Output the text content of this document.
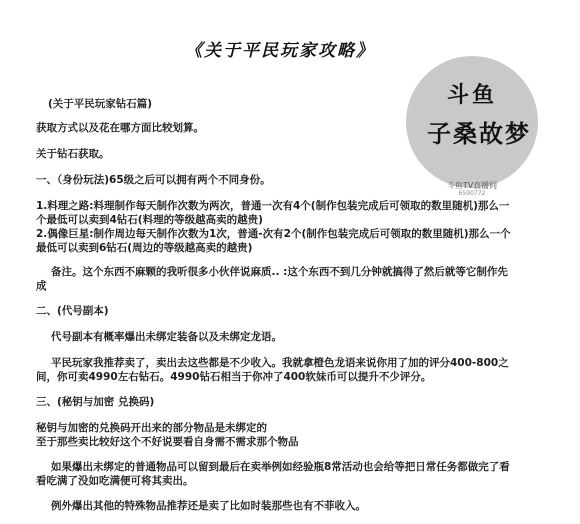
《关于平民玩家攻略》
斗鱼
子桑故梦
斗鱼TV直播间
6590772
(关于平民玩家钻石篇)
获取方式以及花在哪方面比较划算。
关于钻石获取。
一、（身份玩法)65级之后可以拥有两个不同身份。
1.料理之路:料理制作每天制作次数为两次，普通一次有4个(制作包装完成后可领取的数里随机)那么一
个最低可以卖到4钻石(料理的等级越高卖的越贵)
2.偶像巨星:制作周边每天制作次数为1次，普通-次有2个(制作包装完成后可领取的数里随机)那么一个
最低可以卖到6钻石(周边的等级越高卖的越贵)
备注。这个东西不麻颗的我听很多小伙伴说麻质.. :这个东西不到几分钟就搞得了然后就等它制作先
成
二、(代号副本)
代号副本有概率爆出未绑定装备以及未绑定龙语。
平民玩家我推荐卖了，卖出去这些都是不少收入。我就拿橙色龙语来说你用了加的评分400-800之
间，你可卖4990左右钻石。4990钻石相当于你冲了400软妹币可以提升不少评分。
三、(秘钥与加密 兑换码)
秘钥与加密的兑换码开出来的部分物品是未绑定的
至于那些卖比较好这个不好说要看自身需不需求那个物品
如果爆出未绑定的普通物品可以留到最后在卖举例如经验瓶8常活动也会给等把日常任务都做完了看
看吃满了没如吃满便可将其卖出。
例外爆出其他的特殊物品推荐还是卖了比如时装那些也有不菲收入。
